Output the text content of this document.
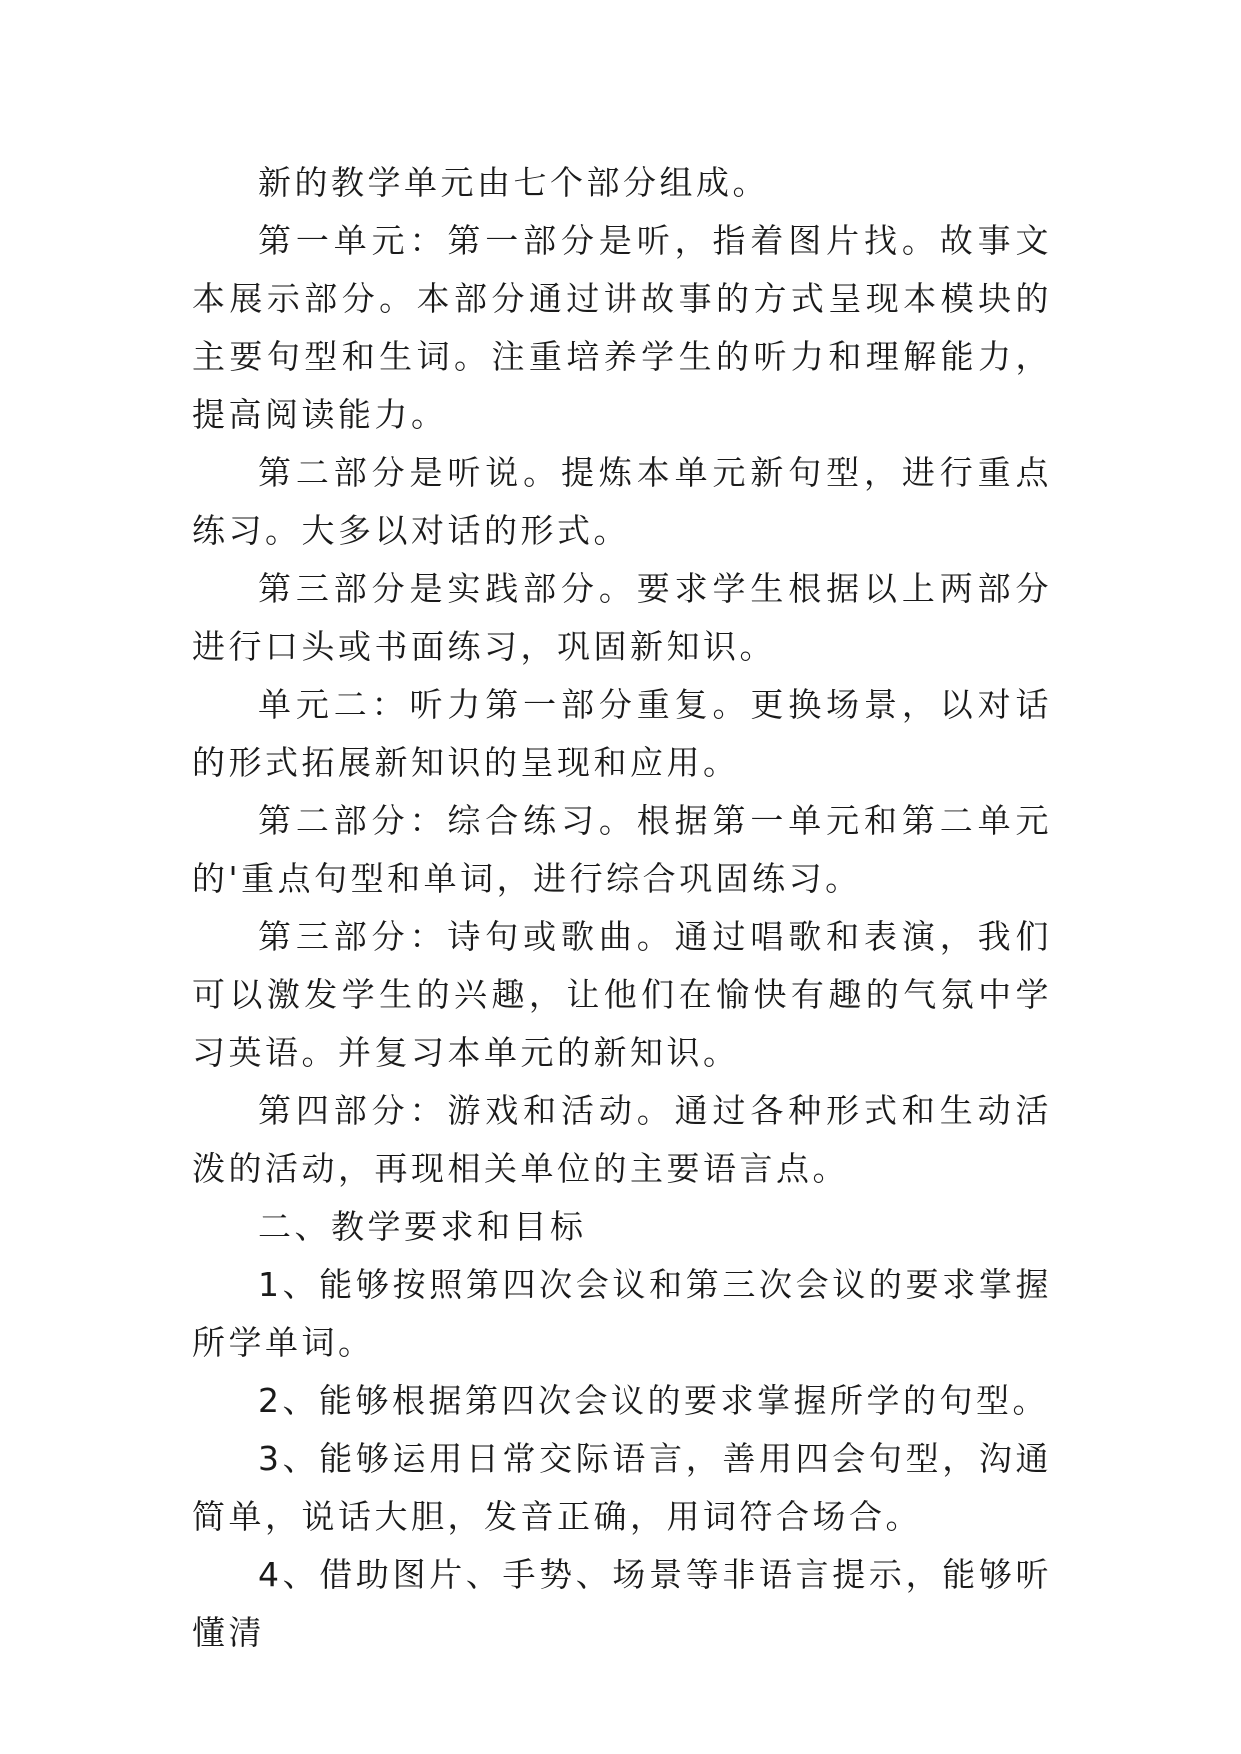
新的教学单元由七个部分组成。

第一单元：第一部分是听，指着图片找。故事文本展示部分。本部分通过讲故事的方式呈现本模块的主要句型和生词。注重培养学生的听力和理解能力，提高阅读能力。

第二部分是听说。提炼本单元新句型，进行重点练习。大多以对话的形式。

第三部分是实践部分。要求学生根据以上两部分进行口头或书面练习，巩固新知识。

单元二：听力第一部分重复。更换场景，以对话的形式拓展新知识的呈现和应用。

第二部分：综合练习。根据第一单元和第二单元的'重点句型和单词，进行综合巩固练习。

第三部分：诗句或歌曲。通过唱歌和表演，我们可以激发学生的兴趣，让他们在愉快有趣的气氛中学习英语。并复习本单元的新知识。

第四部分：游戏和活动。通过各种形式和生动活泼的活动，再现相关单位的主要语言点。

二、教学要求和目标

1、能够按照第四次会议和第三次会议的要求掌握所学单词。

2、能够根据第四次会议的要求掌握所学的句型。

3、能够运用日常交际语言，善用四会句型，沟通简单，说话大胆，发音正确，用词符合场合。

4、借助图片、手势、场景等非语言提示，能够听懂清
